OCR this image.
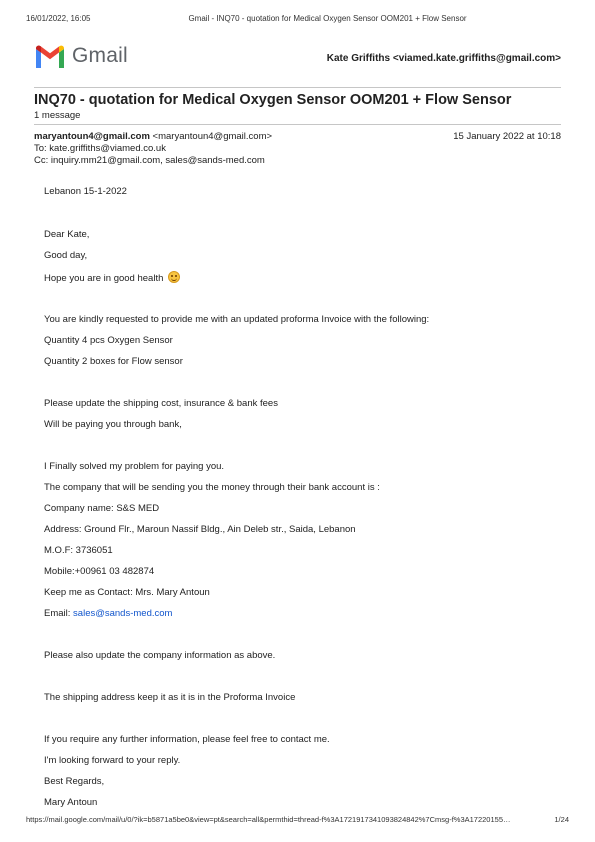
16/01/2022, 16:05	Gmail - INQ70 - quotation for Medical Oxygen Sensor OOM201 + Flow Sensor
Gmail	Kate Griffiths <viamed.kate.griffiths@gmail.com>
INQ70 - quotation for Medical Oxygen Sensor OOM201 + Flow Sensor
1 message
maryantoun4@gmail.com <maryantoun4@gmail.com>	15 January 2022 at 10:18
To: kate.griffiths@viamed.co.uk
Cc: inquiry.mm21@gmail.com, sales@sands-med.com
Lebanon 15-1-2022
Dear Kate,
Good day,
Hope you are in good health
You are kindly requested to provide me with an updated proforma Invoice with the following:
Quantity 4 pcs Oxygen Sensor
Quantity 2 boxes for Flow sensor
Please update the shipping cost, insurance & bank fees
Will be paying you through bank,
I Finally solved my problem for paying you.
The company that will be sending you the money through their bank account is :
Company name: S&S MED
Address: Ground Flr., Maroun Nassif Bldg., Ain Deleb str., Saida, Lebanon
M.O.F: 3736051
Mobile:+00961 03 482874
Keep me as Contact: Mrs. Mary Antoun
Email: sales@sands-med.com
Please also update the company information as above.
The shipping address keep it as it is in the Proforma Invoice
If you require any further information, please feel free to contact me.
I'm looking forward to your reply.
Best Regards,
Mary Antoun
https://mail.google.com/mail/u/0/?ik=b5871a5be0&view=pt&search=all&permthid=thread-f%3A1721917341093824842%7Cmsg-f%3A17220155…	1/24
